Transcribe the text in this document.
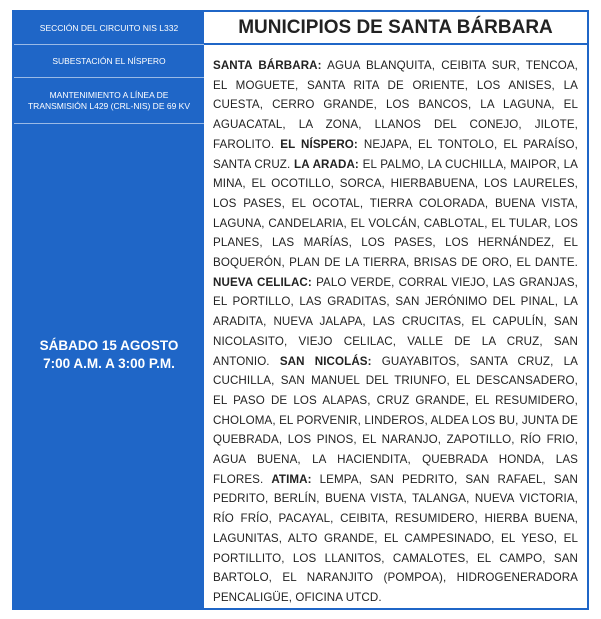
SECCIÓN DEL CIRCUITO NIS L332
SUBESTACIÓN EL NÍSPERO
MANTENIMIENTO A LÍNEA DE TRANSMISIÓN L429 (CRL-NIS) DE 69 KV
SÁBADO 15 AGOSTO
7:00 A.M. A 3:00 P.M.
MUNICIPIOS DE SANTA BÁRBARA
SANTA BÁRBARA: AGUA BLANQUITA, CEIBITA SUR, TENCOA, EL MOGUETE, SANTA RITA DE ORIENTE, LOS ANISES, LA CUESTA, CERRO GRANDE, LOS BANCOS, LA LAGUNA, EL AGUACATAL, LA ZONA, LLANOS DEL CONEJO, JILOTE, FAROLITO. EL NÍSPERO: NEJAPA, EL TONTOLO, EL PARAÍSO, SANTA CRUZ. LA ARADA: EL PALMO, LA CUCHILLA, MAIPOR, LA MINA, EL OCOTILLO, SORCA, HIERBABUENA, LOS LAURELES, LOS PASES, EL OCOTAL, TIERRA COLORADA, BUENA VISTA, LAGUNA, CANDELARIA, EL VOLCÁN, CABLOTAL, EL TULAR, LOS PLANES, LAS MARÍAS, LOS PASES, LOS HERNÁNDEZ, EL BOQUERÓN, PLAN DE LA TIERRA, BRISAS DE ORO, EL DANTE. NUEVA CELILAC: PALO VERDE, CORRAL VIEJO, LAS GRANJAS, EL PORTILLO, LAS GRADITAS, SAN JERÓNIMO DEL PINAL, LA ARADITA, NUEVA JALAPA, LAS CRUCITAS, EL CAPULÍN, SAN NICOLASITO, VIEJO CELILAC, VALLE DE LA CRUZ, SAN ANTONIO. SAN NICOLÁS: GUAYABITOS, SANTA CRUZ, LA CUCHILLA, SAN MANUEL DEL TRIUNFO, EL DESCANSADERO, EL PASO DE LOS ALAPAS, CRUZ GRANDE, EL RESUMIDERO, CHOLOMA, EL PORVENIR, LINDEROS, ALDEA LOS BU, JUNTA DE QUEBRADA, LOS PINOS, EL NARANJO, ZAPOTILLO, RÍO FRIO, AGUA BUENA, LA HACIENDITA, QUEBRADA HONDA, LAS FLORES. ATIMA: LEMPA, SAN PEDRITO, SAN RAFAEL, SAN PEDRITO, BERLÍN, BUENA VISTA, TALANGA, NUEVA VICTORIA, RÍO FRÍO, PACAYAL, CEIBITA, RESUMIDERO, HIERBA BUENA, LAGUNITAS, ALTO GRANDE, EL CAMPESINADO, EL YESO, EL PORTILLITO, LOS LLANITOS, CAMALOTES, EL CAMPO, SAN BARTOLO, EL NARANJITO (POMPOA), HIDROGENERADORA PENCALIGÜE, OFICINA UTCD.
